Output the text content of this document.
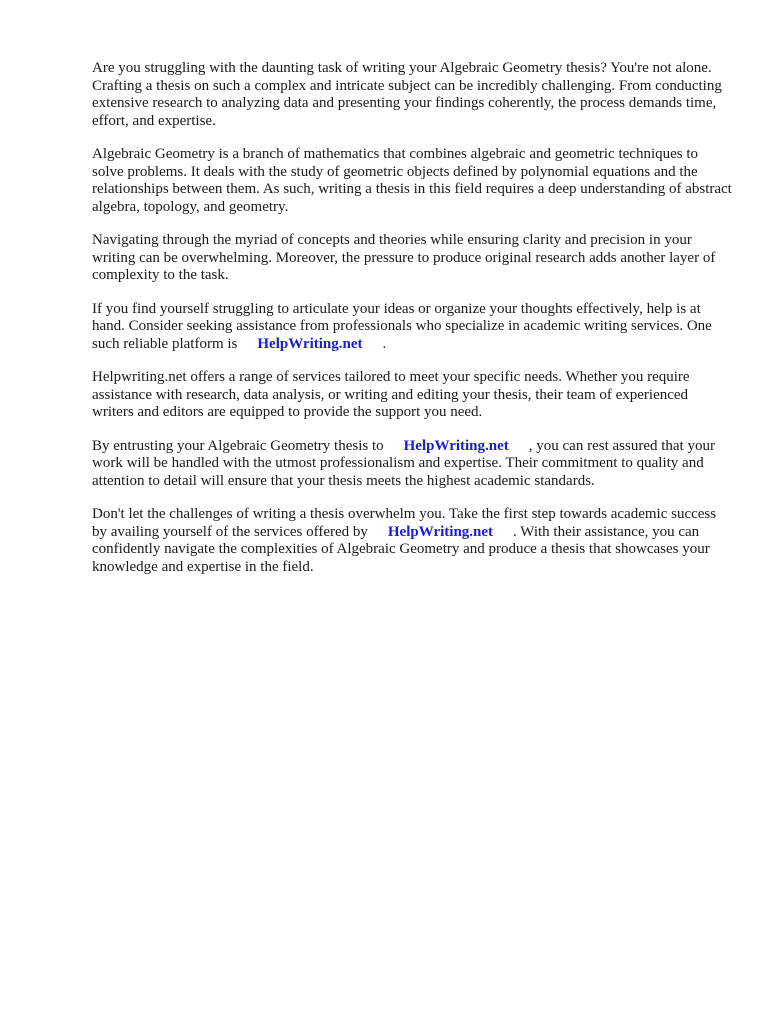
Are you struggling with the daunting task of writing your Algebraic Geometry thesis? You're not alone. Crafting a thesis on such a complex and intricate subject can be incredibly challenging. From conducting extensive research to analyzing data and presenting your findings coherently, the process demands time, effort, and expertise.

Algebraic Geometry is a branch of mathematics that combines algebraic and geometric techniques to solve problems. It deals with the study of geometric objects defined by polynomial equations and the relationships between them. As such, writing a thesis in this field requires a deep understanding of abstract algebra, topology, and geometry.

Navigating through the myriad of concepts and theories while ensuring clarity and precision in your writing can be overwhelming. Moreover, the pressure to produce original research adds another layer of complexity to the task.

If you find yourself struggling to articulate your ideas or organize your thoughts effectively, help is at hand. Consider seeking assistance from professionals who specialize in academic writing services. One such reliable platform is HelpWriting.net .

Helpwriting.net offers a range of services tailored to meet your specific needs. Whether you require assistance with research, data analysis, or writing and editing your thesis, their team of experienced writers and editors are equipped to provide the support you need.

By entrusting your Algebraic Geometry thesis to HelpWriting.net , you can rest assured that your work will be handled with the utmost professionalism and expertise. Their commitment to quality and attention to detail will ensure that your thesis meets the highest academic standards.

Don't let the challenges of writing a thesis overwhelm you. Take the first step towards academic success by availing yourself of the services offered by HelpWriting.net . With their assistance, you can confidently navigate the complexities of Algebraic Geometry and produce a thesis that showcases your knowledge and expertise in the field.
